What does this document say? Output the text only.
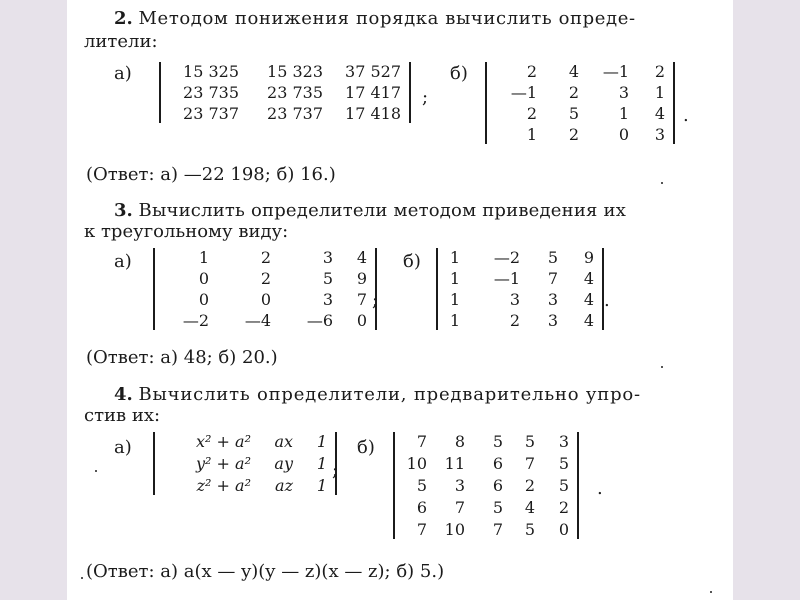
2. Методом понижения порядка вычислить опреде-
лители:
а)	15 325	15 323	37 527
23 735	23 735	17 417
23 737	23 737	17 418
;
б)	2	4	—1	2
—1	2	3	1
2	5	1	4
1	2	0	3
.
(Ответ: а) —22 198; б) 16.)
3. Вычислить определители методом приведения их
к треугольному виду:
а)	1	2	3	4
0	2	5	9
0	0	3	7
—2	—4	—6	0
;
б) 1	—2	5	9
1	—1	7	4
1	3	3	4
1	2	3	4
.
(Ответ: а) 48; б) 20.)
4. Вычислить определители, предварительно упро-
стив их:
а)	x² + a²	ax	1
y² + a²	ay	1
z² + a²	az	1
;
б)	7	8	5	5	3
10	11	6	7	5
5	3	6	2	5
6	7	5	4	2
7	10	7	5	0
.
(Ответ: а) a(x — y)(y — z)(x — z); б) 5.)
